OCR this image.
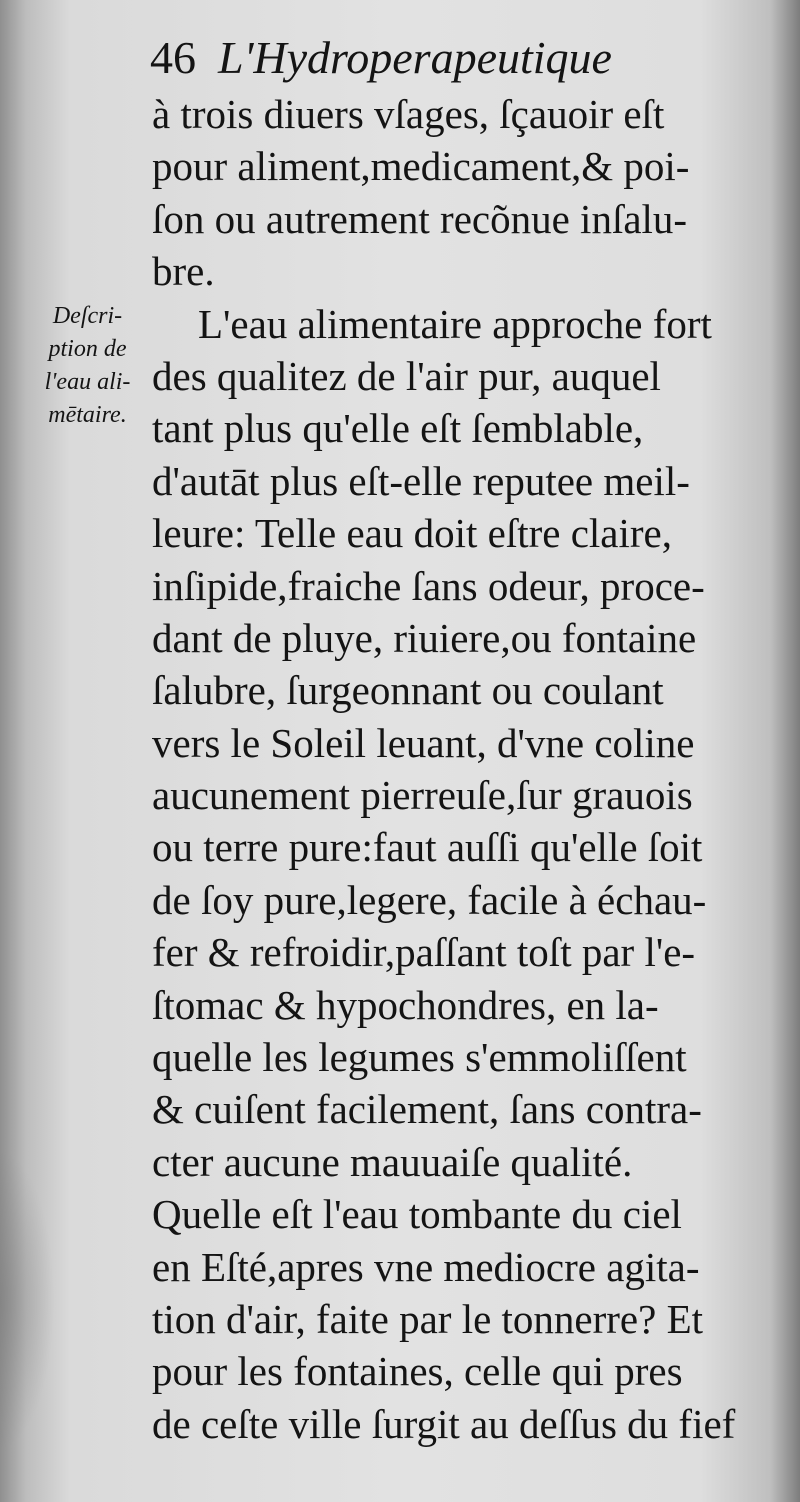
46 L'Hydroperapeutique
Deſcri-
ption de
l'eau ali-
mētaire.
à trois diuers vſages, ſçauoir eſt
pour aliment,medicament,& poi-
ſon ou autrement recõnue inſalu-
bre.
L'eau alimentaire approche fort
des qualitez de l'air pur, auquel
tant plus qu'elle eſt ſemblable,
d'autāt plus eſt-elle reputee meil-
leure: Telle eau doit eſtre claire,
inſipide,fraiche ſans odeur, proce-
dant de pluye, riuiere,ou fontaine
ſalubre, ſurgeonnant ou coulant
vers le Soleil leuant, d'vne coline
aucunement pierreuſe,ſur grauois
ou terre pure:faut auſſi qu'elle ſoit
de ſoy pure,legere, facile à échau-
fer & refroidir,paſſant toſt par l'e-
ſtomac & hypochondres, en la-
quelle les legumes s'emmoliſſent
& cuiſent facilement, ſans contra-
cter aucune mauuaiſe qualité.
Quelle eſt l'eau tombante du ciel
en Eſté,apres vne mediocre agita-
tion d'air, faite par le tonnerre? Et
pour les fontaines, celle qui pres
de ceſte ville ſurgit au deſſus du fief
